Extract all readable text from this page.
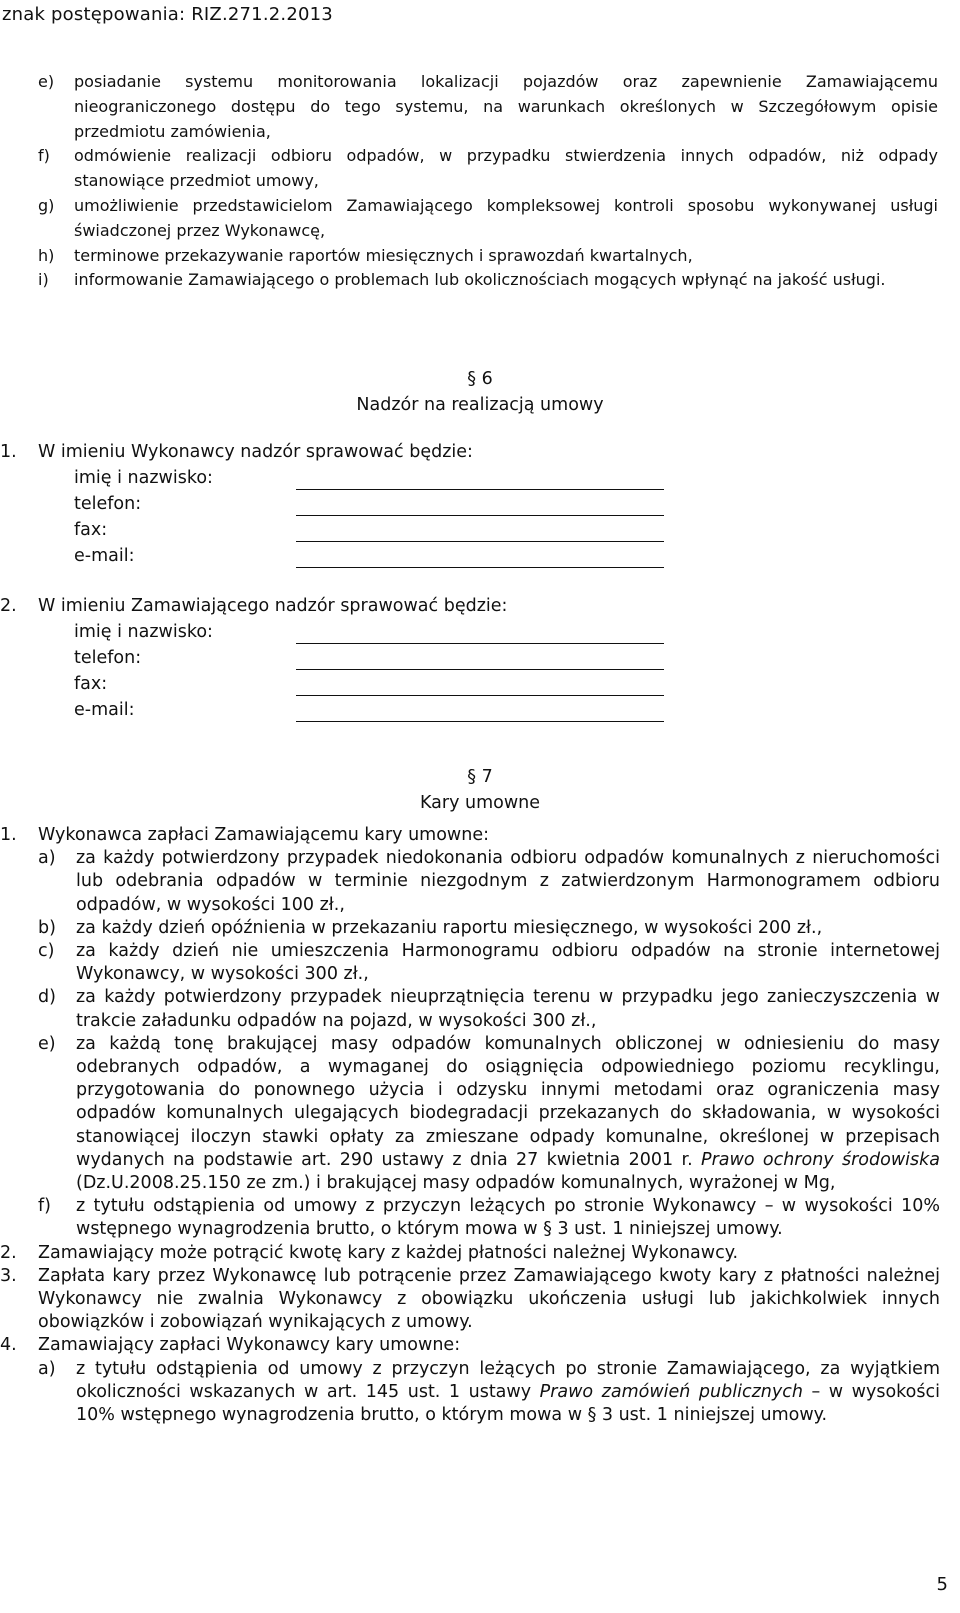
znak postępowania: RIZ.271.2.2013
e) posiadanie systemu monitorowania lokalizacji pojazdów oraz zapewnienie Zamawiającemu nieograniczonego dostępu do tego systemu, na warunkach określonych w Szczegółowym opisie przedmiotu zamówienia,
f) odmówienie realizacji odbioru odpadów, w przypadku stwierdzenia innych odpadów, niż odpady stanowiące przedmiot umowy,
g) umożliwienie przedstawicielom Zamawiającego kompleksowej kontroli sposobu wykonywanej usługi świadczonej przez Wykonawcę,
h) terminowe przekazywanie raportów miesięcznych i sprawozdań kwartalnych,
i) informowanie Zamawiającego o problemach lub okolicznościach mogących wpłynąć na jakość usługi.
§ 6
Nadzór na realizacją umowy
1. W imieniu Wykonawcy nadzór sprawować będzie:
imię i nazwisko:
telefon:
fax:
e-mail:
2. W imieniu Zamawiającego nadzór sprawować będzie:
imię i nazwisko:
telefon:
fax:
e-mail:
§ 7
Kary umowne
1. Wykonawca zapłaci Zamawiającemu kary umowne:
a) za każdy potwierdzony przypadek niedokonania odbioru odpadów komunalnych z nieruchomości lub odebrania odpadów w terminie niezgodnym z zatwierdzonym Harmonogramem odbioru odpadów, w wysokości 100 zł.,
b) za każdy dzień opóźnienia w przekazaniu raportu miesięcznego, w wysokości 200 zł.,
c) za każdy dzień nie umieszczenia Harmonogramu odbioru odpadów na stronie internetowej Wykonawcy, w wysokości 300 zł.,
d) za każdy potwierdzony przypadek nieuprzątnięcia terenu w przypadku jego zanieczyszczenia w trakcie załadunku odpadów na pojazd, w wysokości 300 zł.,
e) za każdą tonę brakującej masy odpadów komunalnych obliczonej w odniesieniu do masy odebranych odpadów, a wymaganej do osiągnięcia odpowiedniego poziomu recyklingu, przygotowania do ponownego użycia i odzysku innymi metodami oraz ograniczenia masy odpadów komunalnych ulegających biodegradacji przekazanych do składowania, w wysokości stanowiącej iloczyn stawki opłaty za zmieszane odpady komunalne, określonej w przepisach wydanych na podstawie art. 290 ustawy z dnia 27 kwietnia 2001 r. Prawo ochrony środowiska (Dz.U.2008.25.150 ze zm.) i brakującej masy odpadów komunalnych, wyrażonej w Mg,
f) z tytułu odstąpienia od umowy z przyczyn leżących po stronie Wykonawcy – w wysokości 10% wstępnego wynagrodzenia brutto, o którym mowa w § 3 ust. 1 niniejszej umowy.
2. Zamawiający może potrącić kwotę kary z każdej płatności należnej Wykonawcy.
3. Zapłata kary przez Wykonawcę lub potrącenie przez Zamawiającego kwoty kary z płatności należnej Wykonawcy nie zwalnia Wykonawcy z obowiązku ukończenia usługi lub jakichkolwiek innych obowiązków i zobowiązań wynikających z umowy.
4. Zamawiający zapłaci Wykonawcy kary umowne:
a) z tytułu odstąpienia od umowy z przyczyn leżących po stronie Zamawiającego, za wyjątkiem okoliczności wskazanych w art. 145 ust. 1 ustawy Prawo zamówień publicznych – w wysokości 10% wstępnego wynagrodzenia brutto, o którym mowa w § 3 ust. 1 niniejszej umowy.
5
